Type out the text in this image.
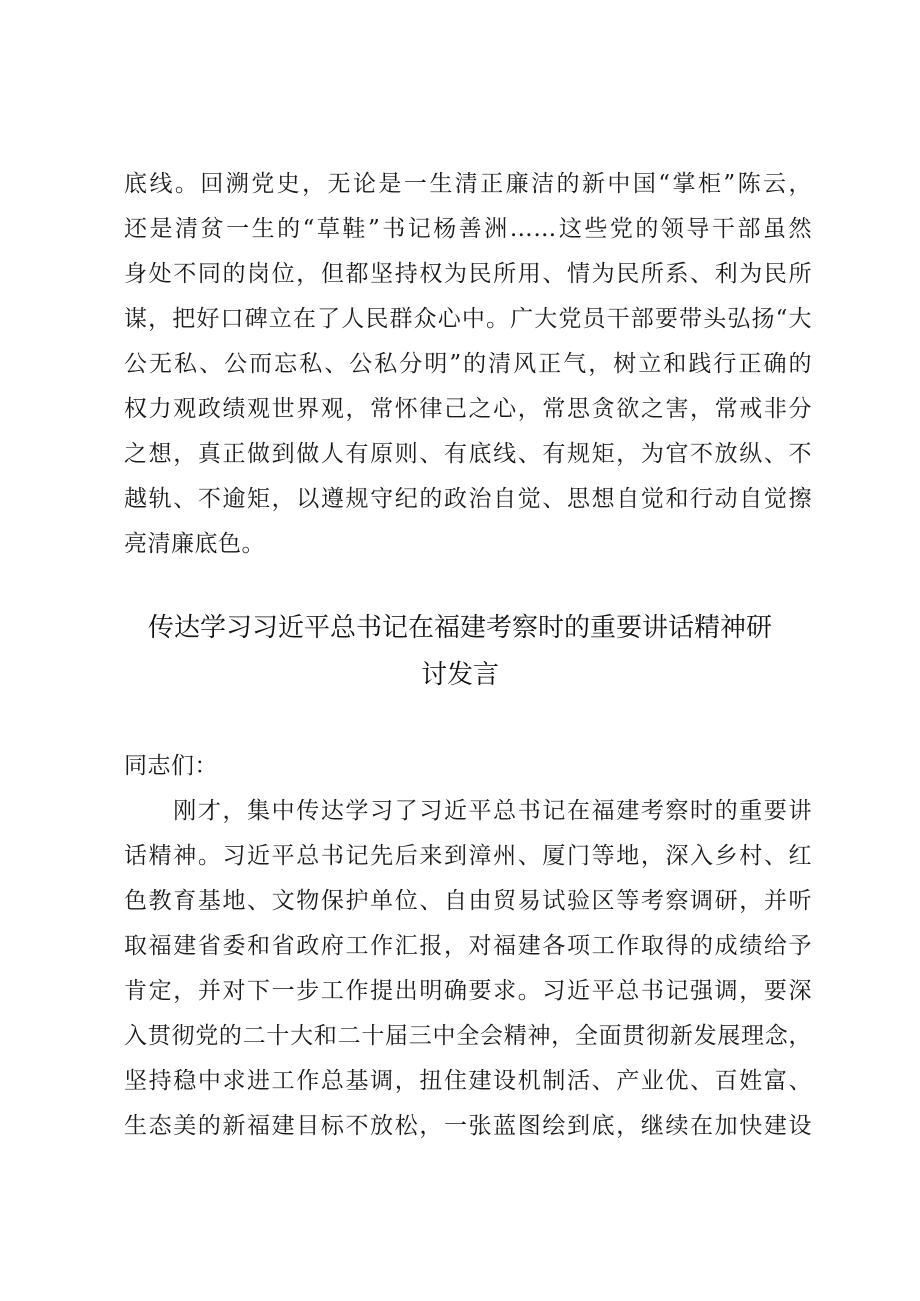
底线。回溯党史，无论是一生清正廉洁的新中国“掌柜”陈云，
还是清贫一生的“草鞋”书记杨善洲……这些党的领导干部虽然
身处不同的岗位，但都坚持权为民所用、情为民所系、利为民所
谋，把好口碑立在了人民群众心中。广大党员干部要带头弘扬“大
公无私、公而忘私、公私分明”的清风正气，树立和践行正确的
权力观政绩观世界观，常怀律己之心，常思贪欲之害，常戒非分
之想，真正做到做人有原则、有底线、有规矩，为官不放纵、不
越轨、不逾矩，以遵规守纪的政治自觉、思想自觉和行动自觉擦
亮清廉底色。
传达学习习近平总书记在福建考察时的重要讲话精神研
讨发言
同志们：
　　刚才，集中传达学习了习近平总书记在福建考察时的重要讲
话精神。习近平总书记先后来到漳州、厦门等地，深入乡村、红
色教育基地、文物保护单位、自由贸易试验区等考察调研，并听
取福建省委和省政府工作汇报，对福建各项工作取得的成绩给予
肯定，并对下一步工作提出明确要求。习近平总书记强调，要深
入贯彻党的二十大和二十届三中全会精神，全面贯彻新发展理念，
坚持稳中求进工作总基调，扭住建设机制活、产业优、百姓富、
生态美的新福建目标不放松，一张蓝图绘到底，继续在加快建设
